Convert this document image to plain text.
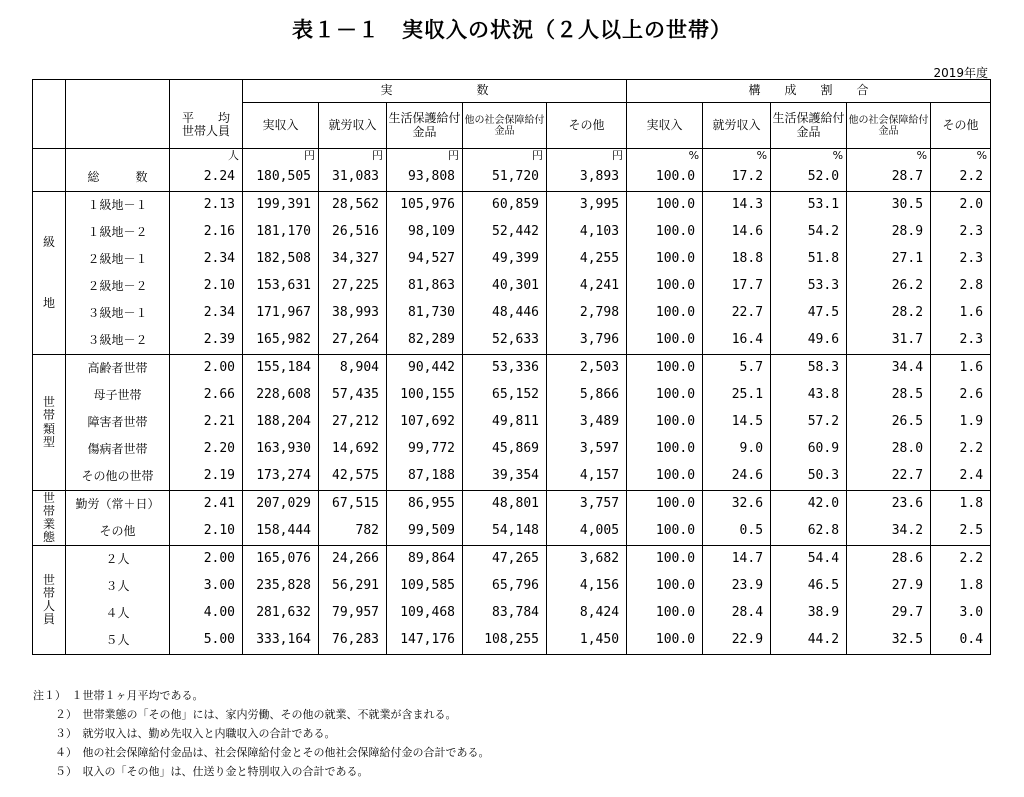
表１－１　実収入の状況（２人以上の世帯）
2019年度
			実　　　　　　　数					構　　成　　割　　合				

		平　　均
世帯人員	実収入	就労収入	生活保護給付金品	他の社会保障給付金品	その他	実収入	就労収入	生活保護給付金品	他の社会保障給付金品	その他
		人	円	円	円	円	円	%	%	%	%	%
	総　　　数	2.24	180,505	31,083	93,808	51,720	3,893	100.0	17.2	52.0	28.7	2.2

級
地	１級地－１	2.13	199,391	28,562	105,976	60,859	3,995	100.0	14.3	53.1	30.5	2.0
	１級地－２	2.16	181,170	26,516	98,109	52,442	4,103	100.0	14.6	54.2	28.9	2.3
	２級地－１	2.34	182,508	34,327	94,527	49,399	4,255	100.0	18.8	51.8	27.1	2.3
	２級地－２	2.10	153,631	27,225	81,863	40,301	4,241	100.0	17.7	53.3	26.2	2.8
	３級地－１	2.34	171,967	38,993	81,730	48,446	2,798	100.0	22.7	47.5	28.2	1.6
	３級地－２	2.39	165,982	27,264	82,289	52,633	3,796	100.0	16.4	49.6	31.7	2.3

世
帯
類
型	高齢者世帯	2.00	155,184	8,904	90,442	53,336	2,503	100.0	5.7	58.3	34.4	1.6
	母子世帯	2.66	228,608	57,435	100,155	65,152	5,866	100.0	25.1	43.8	28.5	2.6
	障害者世帯	2.21	188,204	27,212	107,692	49,811	3,489	100.0	14.5	57.2	26.5	1.9
	傷病者世帯	2.20	163,930	14,692	99,772	45,869	3,597	100.0	9.0	60.9	28.0	2.2
	その他の世帯	2.19	173,274	42,575	87,188	39,354	4,157	100.0	24.6	50.3	22.7	2.4

世
帯
業
態	勤労（常＋日）	2.41	207,029	67,515	86,955	48,801	3,757	100.0	32.6	42.0	23.6	1.8
	その他	2.10	158,444	782	99,509	54,148	4,005	100.0	0.5	62.8	34.2	2.5

世
帯
人
員	２人	2.00	165,076	24,266	89,864	47,265	3,682	100.0	14.7	54.4	28.6	2.2
	３人	3.00	235,828	56,291	109,585	65,796	4,156	100.0	23.9	46.5	27.9	1.8
	４人	4.00	281,632	79,957	109,468	83,784	8,424	100.0	28.4	38.9	29.7	3.0
	５人	5.00	333,164	76,283	147,176	108,255	1,450	100.0	22.9	44.2	32.5	0.4
注１）　１世帯１ヶ月平均である。
　　２）　世帯業態の「その他」には、家内労働、その他の就業、不就業が含まれる。
　　３）　就労収入は、勤め先収入と内職収入の合計である。
　　４）　他の社会保障給付金品は、社会保障給付金とその他社会保障給付金の合計である。
　　５）　収入の「その他」は、仕送り金と特別収入の合計である。
